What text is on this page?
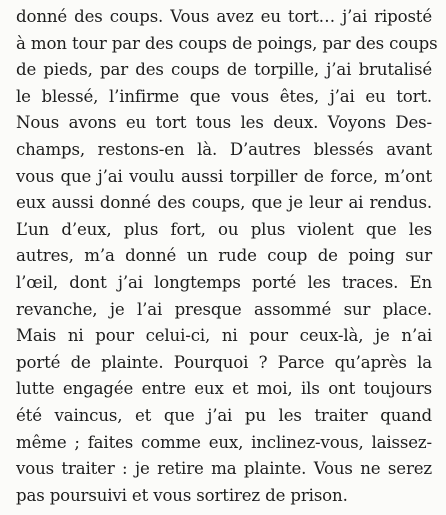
donné des coups. Vous avez eu tort… j’ai riposté
à mon tour par des coups de poings, par des coups
de pieds, par des coups de torpille, j’ai brutalisé
le blessé, l’infirme que vous êtes, j’ai eu tort.
Nous avons eu tort tous les deux. Voyons Des-
champs, restons-en là. D’autres blessés avant
vous que j’ai voulu aussi torpiller de force, m’ont
eux aussi donné des coups, que je leur ai rendus.
L’un d’eux, plus fort, ou plus violent que les
autres, m’a donné un rude coup de poing sur
l’œil, dont j’ai longtemps porté les traces. En
revanche, je l’ai presque assommé sur place.
Mais ni pour celui-ci, ni pour ceux-là, je n’ai
porté de plainte. Pourquoi ? Parce qu’après la
lutte engagée entre eux et moi, ils ont toujours
été vaincus, et que j’ai pu les traiter quand
même ; faites comme eux, inclinez-vous, laissez-
vous traiter : je retire ma plainte. Vous ne serez
pas poursuivi et vous sortirez de prison.
